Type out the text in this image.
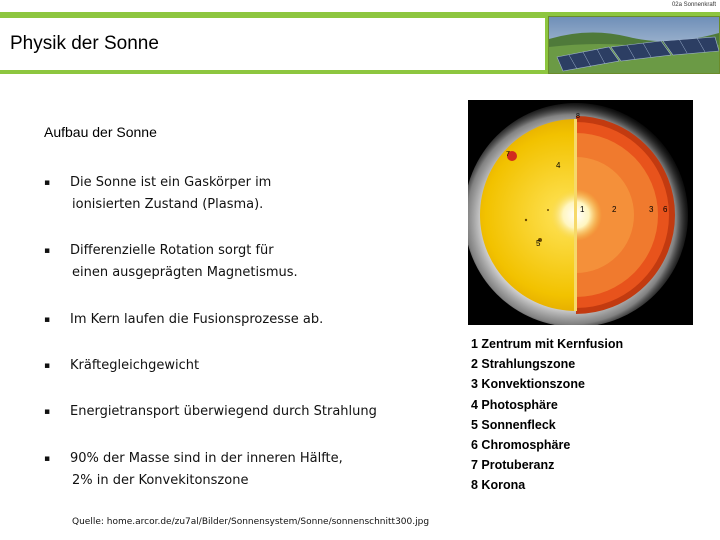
02a Sonnenkraft
Physik der Sonne
Aufbau der Sonne
▪ Die Sonne ist ein Gaskörper im
ionisierten Zustand (Plasma).
▪ Differenzielle Rotation sorgt für
einen ausgeprägten Magnetismus.
▪ Im Kern laufen die Fusionsprozesse ab.
▪ Kräftegleichgewicht
▪ Energietransport überwiegend durch Strahlung
▪ 90% der Masse sind in der inneren Hälfte,
2% in der Konvekitonszone
Quelle: home.arcor.de/zu7al/Bilder/Sonnensystem/Sonne/sonnenschnitt300.jpg
8
7
4
1	2	3 6
5
1 Zentrum mit Kernfusion
2 Strahlungszone
3 Konvektionszone
4 Photosphäre
5 Sonnenfleck
6 Chromosphäre
7 Protuberanz
8 Korona
